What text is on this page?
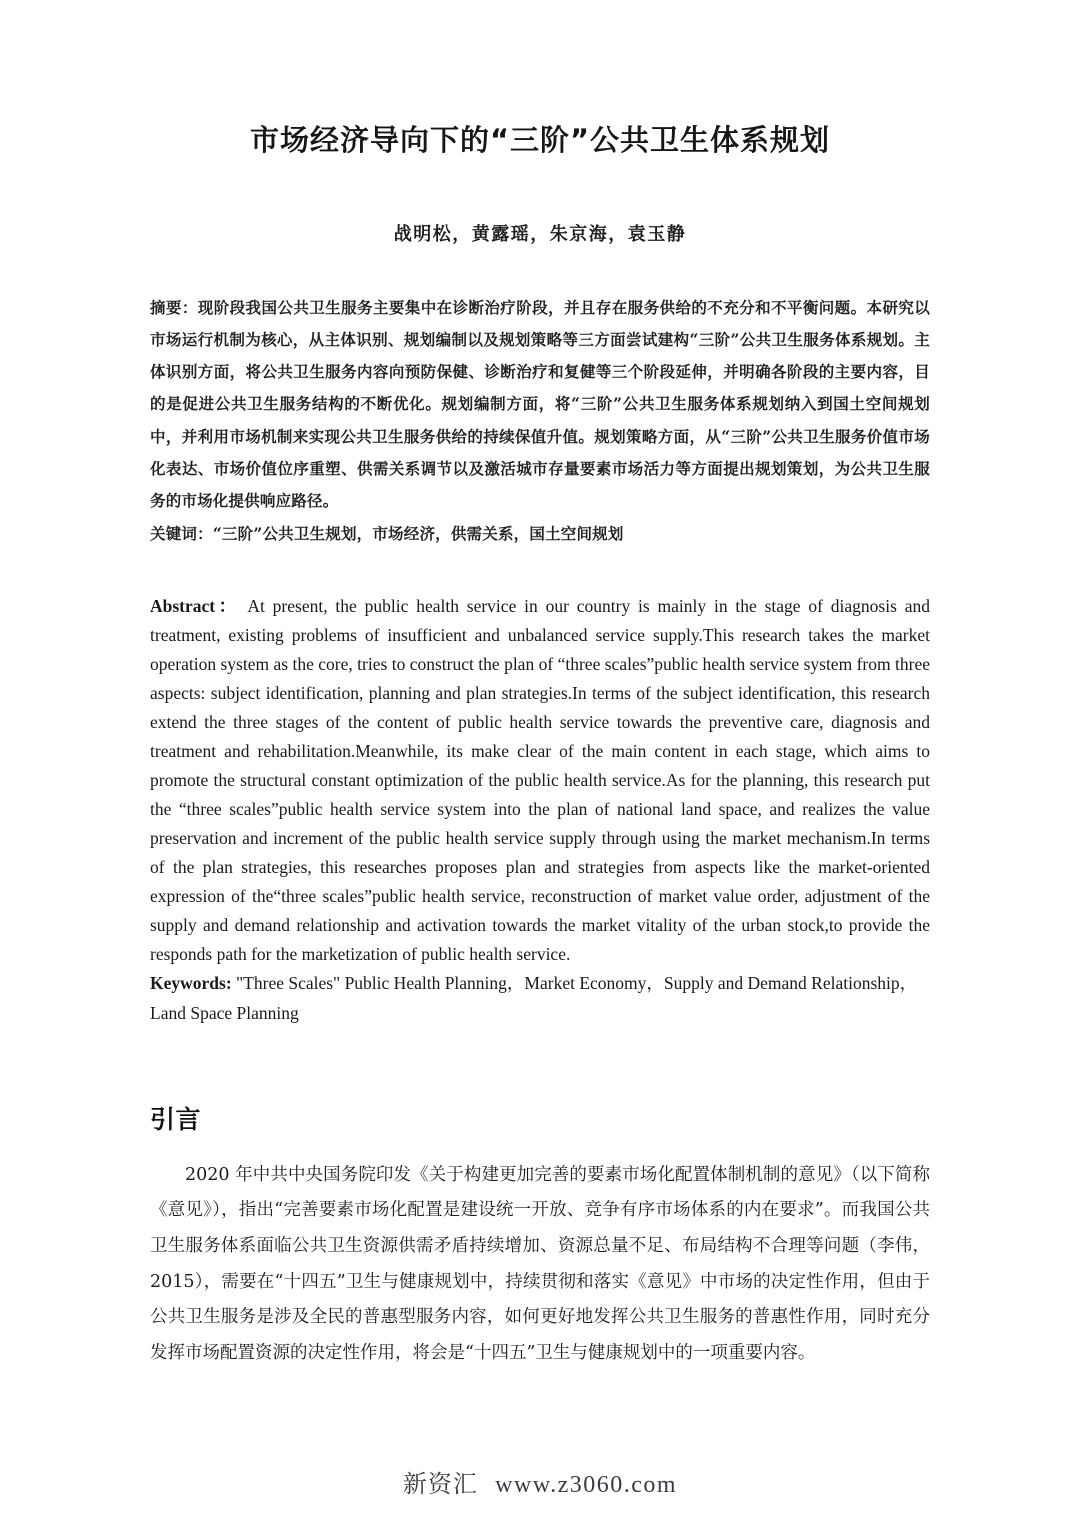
市场经济导向下的“三阶”公共卫生体系规划

战明松，黄露瑶，朱京海，袁玉静

摘要：现阶段我国公共卫生服务主要集中在诊断治疗阶段，并且存在服务供给的不充分和不平衡问题。本研究以市场运行机制为核心，从主体识别、规划编制以及规划策略等三方面尝试建构“三阶”公共卫生服务体系规划。主体识别方面，将公共卫生服务内容向预防保健、诊断治疗和复健等三个阶段延伸，并明确各阶段的主要内容，目的是促进公共卫生服务结构的不断优化。规划编制方面，将“三阶”公共卫生服务体系规划纳入到国土空间规划中，并利用市场机制来实现公共卫生服务供给的持续保值升值。规划策略方面，从“三阶”公共卫生服务价值市场化表达、市场价值位序重塑、供需关系调节以及激活城市存量要素市场活力等方面提出规划策划，为公共卫生服务的市场化提供响应路径。

关键词：“三阶”公共卫生规划，市场经济，供需关系，国土空间规划

Abstract： At present, the public health service in our country is mainly in the stage of diagnosis and treatment, existing problems of insufficient and unbalanced service supply.This research takes the market operation system as the core, tries to construct the plan of “three scales”public health service system from three aspects: subject identification, planning and plan strategies.In terms of the subject identification, this research extend the three stages of the content of public health service towards the preventive care, diagnosis and treatment and rehabilitation.Meanwhile, its make clear of the main content in each stage, which aims to promote the structural constant optimization of the public health service.As for the planning, this research put the “three scales”public health service system into the plan of national land space, and realizes the value preservation and increment of the public health service supply through using the market mechanism.In terms of the plan strategies, this researches proposes plan and strategies from aspects like the market-oriented expression of the“three scales”public health service, reconstruction of market value order, adjustment of the supply and demand relationship and activation towards the market vitality of the urban stock,to provide the responds path for the marketization of public health service.

Keywords: "Three Scales" Public Health Planning，Market Economy，Supply and Demand Relationship，Land Space Planning

引言

2020 年中共中央国务院印发《关于构建更加完善的要素市场化配置体制机制的意见》（以下简称《意见》），指出“完善要素市场化配置是建设统一开放、竞争有序市场体系的内在要求”。而我国公共卫生服务体系面临公共卫生资源供需矛盾持续增加、资源总量不足、布局结构不合理等问题（李伟，2015），需要在“十四五”卫生与健康规划中，持续贯彻和落实《意见》中市场的决定性作用，但由于公共卫生服务是涉及全民的普惠型服务内容，如何更好地发挥公共卫生服务的普惠性作用，同时充分发挥市场配置资源的决定性作用，将会是“十四五”卫生与健康规划中的一项重要内容。

新资汇 www.z3060.com
